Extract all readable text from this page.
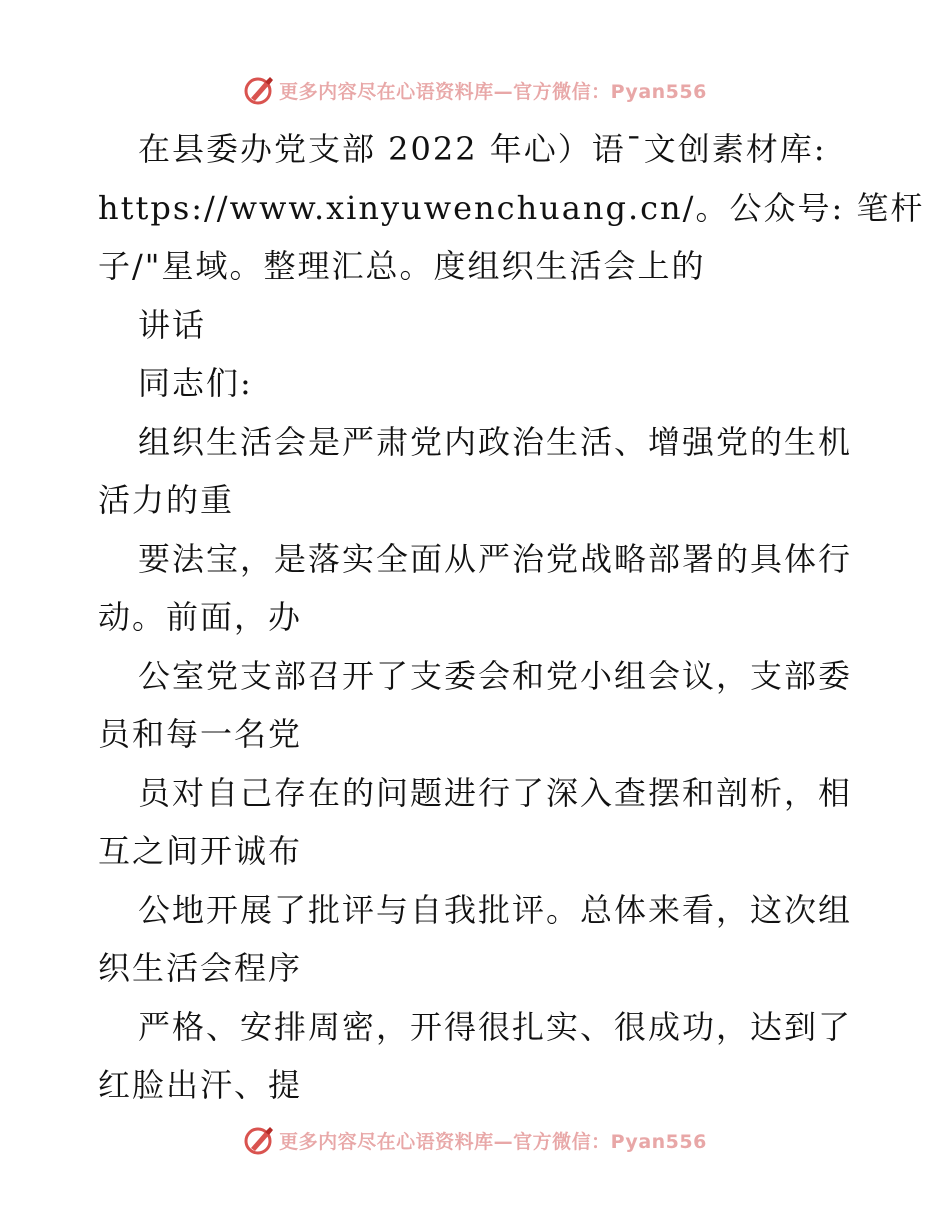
更多内容尽在心语资料库—官方微信：Pyan556

在县委办党支部 2022 年心）语¯文创素材库:

https://www.xinyuwenchuang.cn/。公众号: 笔杆

子/"星域。整理汇总。度组织生活会上的

讲话

同志们:

组织生活会是严肃党内政治生活、增强党的生机

活力的重

要法宝，是落实全面从严治党战略部署的具体行

动。前面，办

公室党支部召开了支委会和党小组会议，支部委

员和每一名党

员对自己存在的问题进行了深入查摆和剖析，相

互之间开诚布

公地开展了批评与自我批评。总体来看，这次组

织生活会程序

严格、安排周密，开得很扎实、很成功，达到了

红脸出汗、提

更多内容尽在心语资料库—官方微信：Pyan556
